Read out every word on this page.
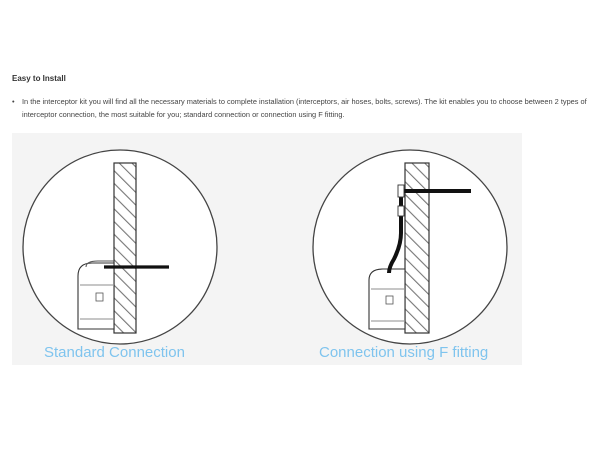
Easy to Install
• In the interceptor kit you will find all the necessary materials to complete installation (interceptors, air hoses, bolts, screws). The kit enables you to choose between 2 types of interceptor connection, the most suitable for you; standard connection or connection using F fitting.
Standard Connection	Connection using F fitting
